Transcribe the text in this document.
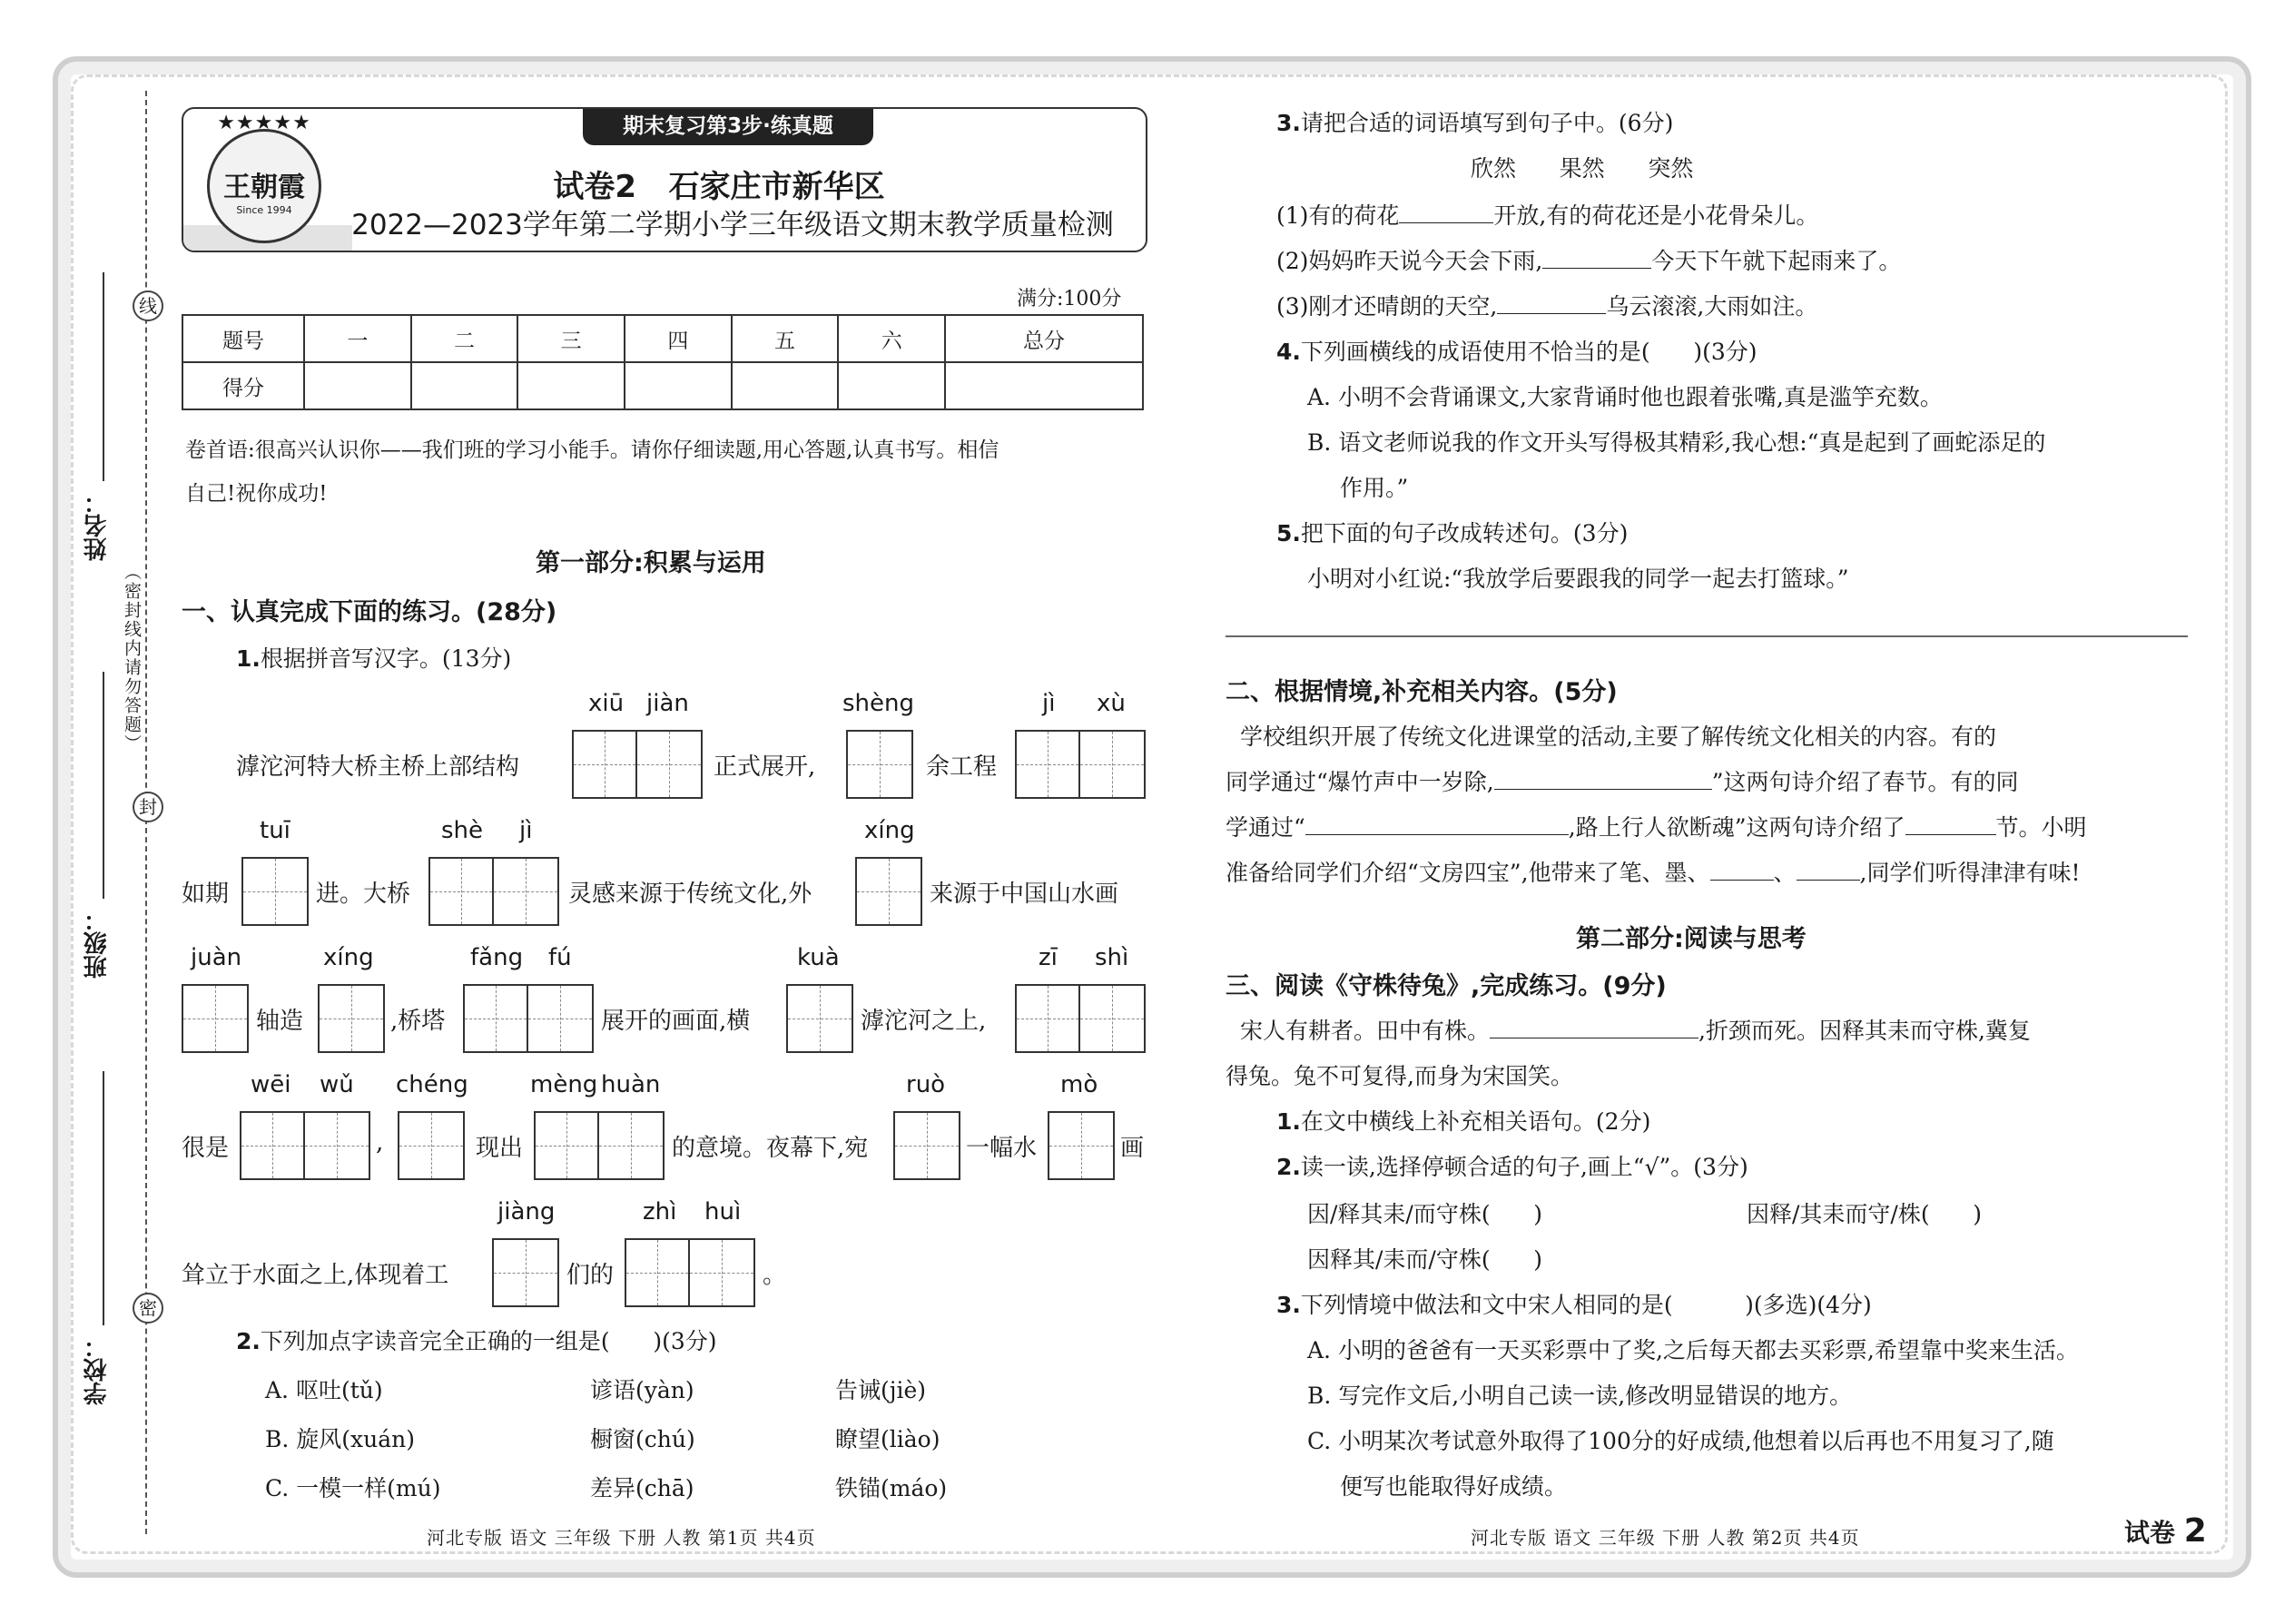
线
封
密
（密封线内请勿答题）
姓名：
班级：
学校：
期末复习第3步·练真题
★★★★★
王朝霞
Since 1994
试卷2   石家庄市新华区
2022—2023学年第二学期小学三年级语文期末教学质量检测
满分:100分
题号	一	二	三	四	五	六	总分
得分							
卷首语:很高兴认识你——我们班的学习小能手。请你仔细读题,用心答题,认真书写。相信
自己!祝你成功!
第一部分:积累与运用
一、认真完成下面的练习。(28分)
1.根据拼音写汉字。(13分)
xiū jiàn	shèng	jì xù
滹沱河特大桥主桥上部结构	正式展开,	余工程
tuī	shè jì	xíng
如期	进。大桥	灵感来源于传统文化,外	来源于中国山水画
juàn	xíng	fǎng fú	kuà	zī shì
轴造	,桥塔	展开的画面,横	滹沱河之上,
wēi wǔ chéng	mèng huàn	ruò	mò
很是	,	现出	的意境。夜幕下,宛	一幅水	画
jiàng	zhì huì
耸立于水面之上,体现着工	们的	。
2.下列加点字读音完全正确的一组是(      )(3分)
A. 呕吐(tǔ)	谚语(yàn)	告诫(jiè)
B. 旋风(xuán)	橱窗(chú)	瞭望(liào)
C. 一模一样(mú)	差异(chā)	铁锚(máo)
河北专版 语文 三年级 下册 人教 第1页 共4页
3.请把合适的词语填写到句子中。(6分)
欣然      果然      突然
(1)有的荷花	开放,有的荷花还是小花骨朵儿。
(2)妈妈昨天说今天会下雨,	今天下午就下起雨来了。
(3)刚才还晴朗的天空,	乌云滚滚,大雨如注。
4.下列画横线的成语使用不恰当的是(      )(3分)
A. 小明不会背诵课文,大家背诵时他也跟着张嘴,真是滥竽充数。
B. 语文老师说我的作文开头写得极其精彩,我心想:“真是起到了画蛇添足的
作用。”
5.把下面的句子改成转述句。(3分)
小明对小红说:“我放学后要跟我的同学一起去打篮球。”
二、根据情境,补充相关内容。(5分)
学校组织开展了传统文化进课堂的活动,主要了解传统文化相关的内容。有的
同学通过“爆竹声中一岁除,	”这两句诗介绍了春节。有的同
学通过“	,路上行人欲断魂”这两句诗介绍了	节。小明
准备给同学们介绍“文房四宝”,他带来了笔、墨、	、	,同学们听得津津有味!
第二部分:阅读与思考
三、阅读《守株待兔》,完成练习。(9分)
宋人有耕者。田中有株。	,折颈而死。因释其耒而守株,冀复
得兔。兔不可复得,而身为宋国笑。
1.在文中横线上补充相关语句。(2分)
2.读一读,选择停顿合适的句子,画上“√”。(3分)
因/释其耒/而守株(      )	因释/其耒而守/株(      )
因释其/耒而/守株(      )
3.下列情境中做法和文中宋人相同的是(          )(多选)(4分)
A. 小明的爸爸有一天买彩票中了奖,之后每天都去买彩票,希望靠中奖来生活。
B. 写完作文后,小明自己读一读,修改明显错误的地方。
C. 小明某次考试意外取得了100分的好成绩,他想着以后再也不用复习了,随
便写也能取得好成绩。
河北专版 语文 三年级 下册 人教 第2页 共4页	试卷 2
